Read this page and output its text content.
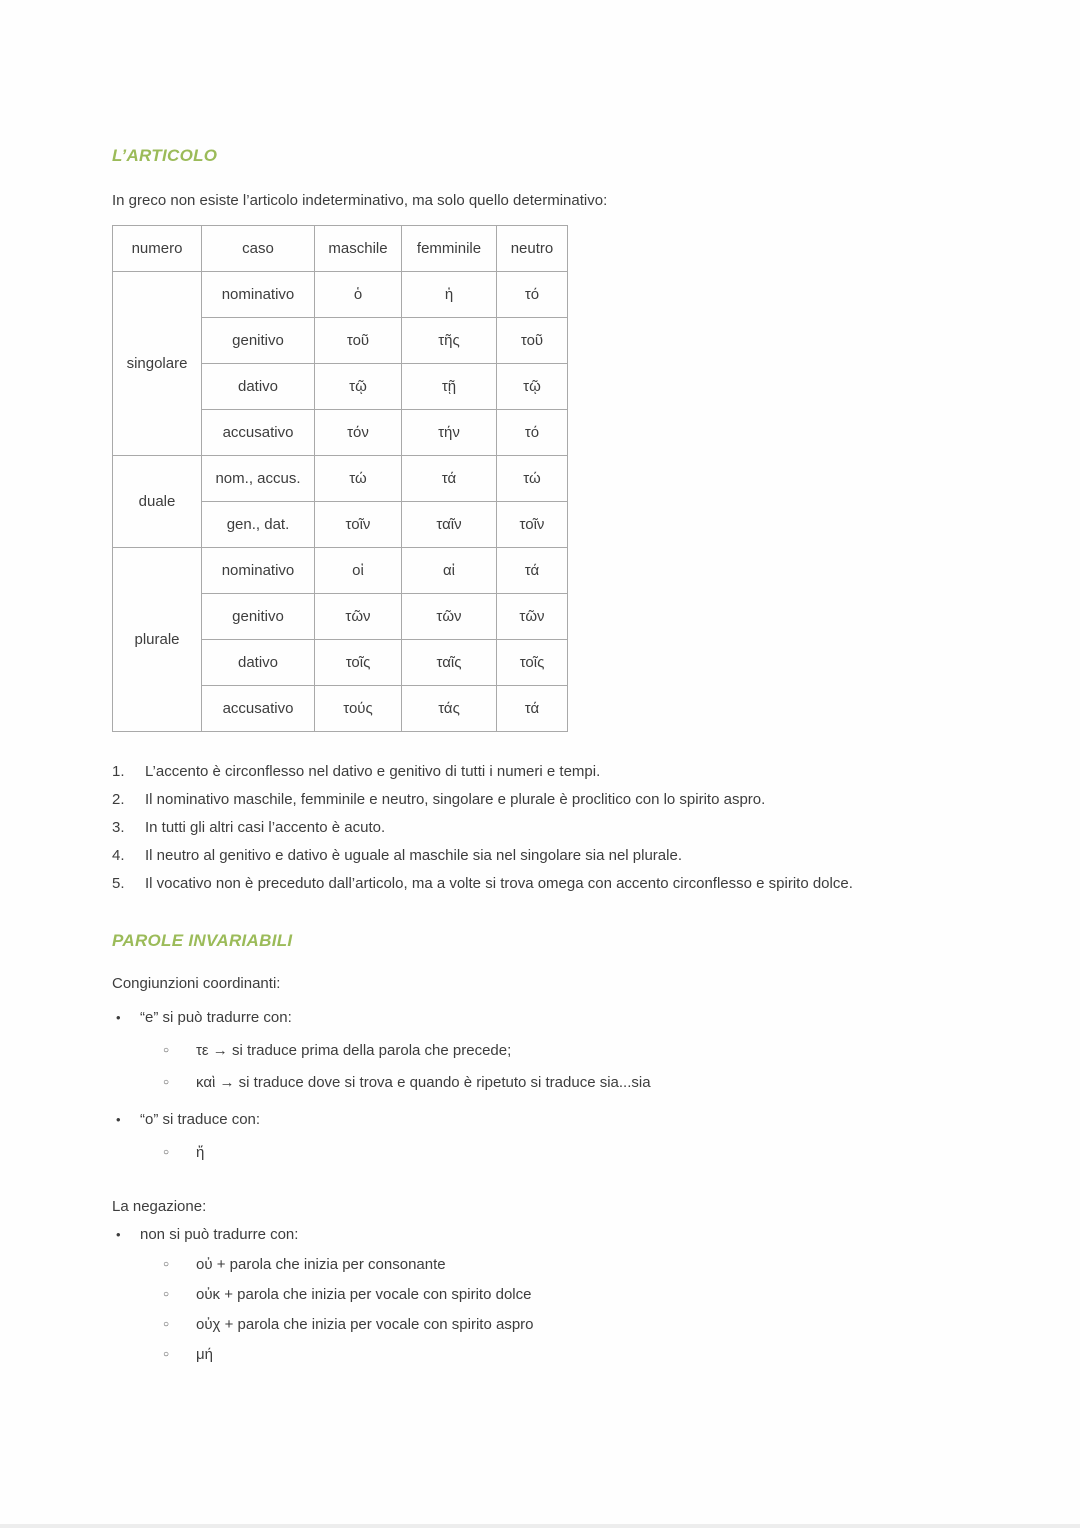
L’ARTICOLO

In greco non esiste l’articolo indeterminativo, ma solo quello determinativo:

numero	caso	maschile	femminile	neutro
singolare	nominativo	ὁ	ἡ	τό
	genitivo	τοῦ	τῆς	τοῦ
	dativo	τῷ	τῇ	τῷ
	accusativo	τόν	τήν	τό
duale	nom., accus.	τώ	τά	τώ
	gen., dat.	τοῖν	ταῖν	τοῖν
plurale	nominativo	οἱ	αἱ	τά
	genitivo	τῶν	τῶν	τῶν
	dativo	τοῖς	ταῖς	τοῖς
	accusativo	τούς	τάς	τά
1.	L’accento è circonflesso nel dativo e genitivo di tutti i numeri e tempi.
2.	Il nominativo maschile, femminile e neutro, singolare e plurale è proclitico con lo spirito aspro.
3.	In tutti gli altri casi l’accento è acuto.
4.	Il neutro al genitivo e dativo è uguale al maschile sia nel singolare sia nel plurale.
5.	Il vocativo non è preceduto dall’articolo, ma a volte si trova omega con accento circonflesso e spirito dolce.
PAROLE INVARIABILI

Congiunzioni coordinanti:

•	“e” si può tradurre con:
○	τε → si traduce prima della parola che precede;
○	καὶ → si traduce dove si trova e quando è ripetuto si traduce sia...sia
•	“o” si traduce con:
○	ἤ

La negazione:

•	non si può tradurre con:
○	οὐ + parola che inizia per consonante
○	οὐκ + parola che inizia per vocale con spirito dolce
○	οὐχ + parola che inizia per vocale con spirito aspro
○	μή
